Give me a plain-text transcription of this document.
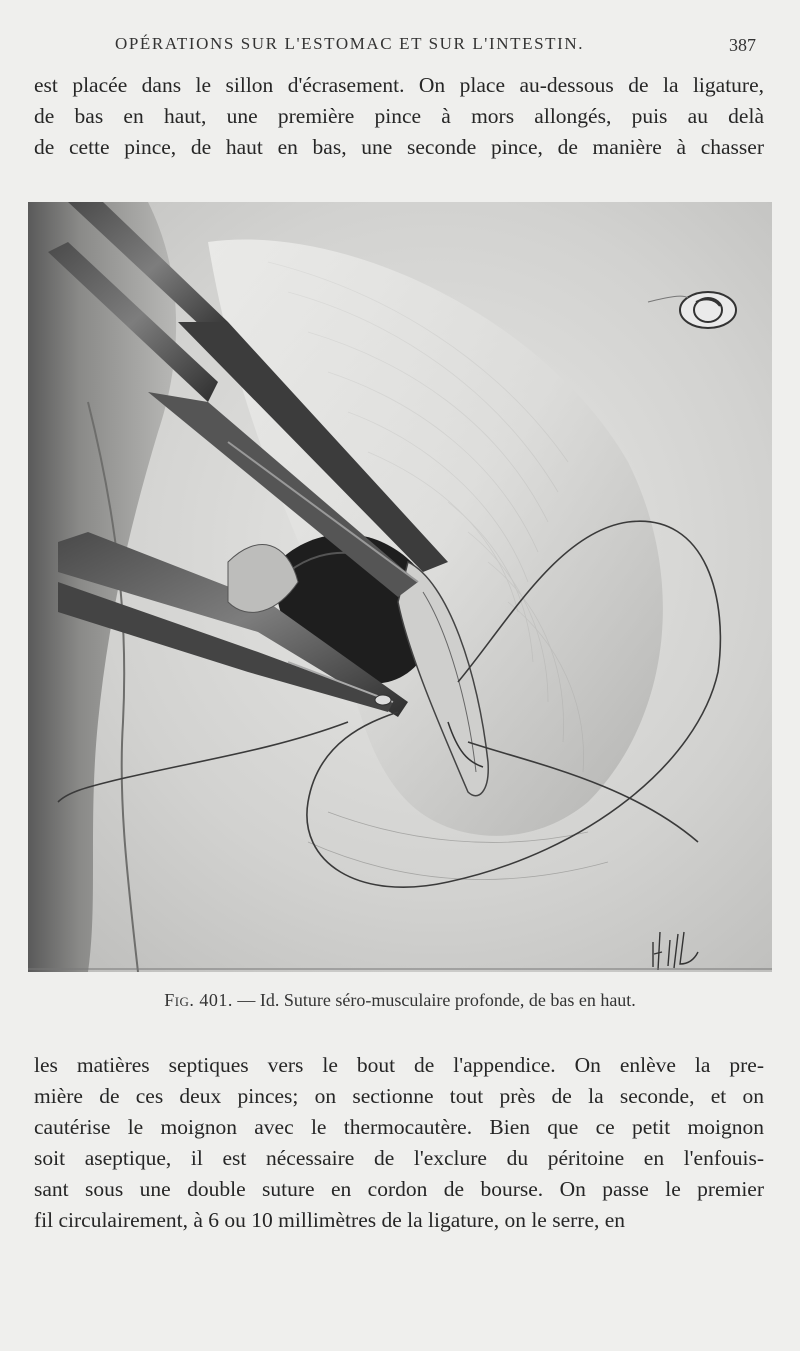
OPÉRATIONS SUR L'ESTOMAC ET SUR L'INTESTIN.	387

est placée dans le sillon d'écrasement. On place au-dessous de la ligature,
de bas en haut, une première pince à mors allongés, puis au delà
de cette pince, de haut en bas, une seconde pince, de manière à chasser

Fig. 401. — Id. Suture séro-musculaire profonde, de bas en haut.

les matières septiques vers le bout de l'appendice. On enlève la pre-
mière de ces deux pinces; on sectionne tout près de la seconde, et on
cautérise le moignon avec le thermocautère. Bien que ce petit moignon
soit aseptique, il est nécessaire de l'exclure du péritoine en l'enfouis-
sant sous une double suture en cordon de bourse. On passe le premier
fil circulairement, à 6 ou 10 millimètres de la ligature, on le serre, en
